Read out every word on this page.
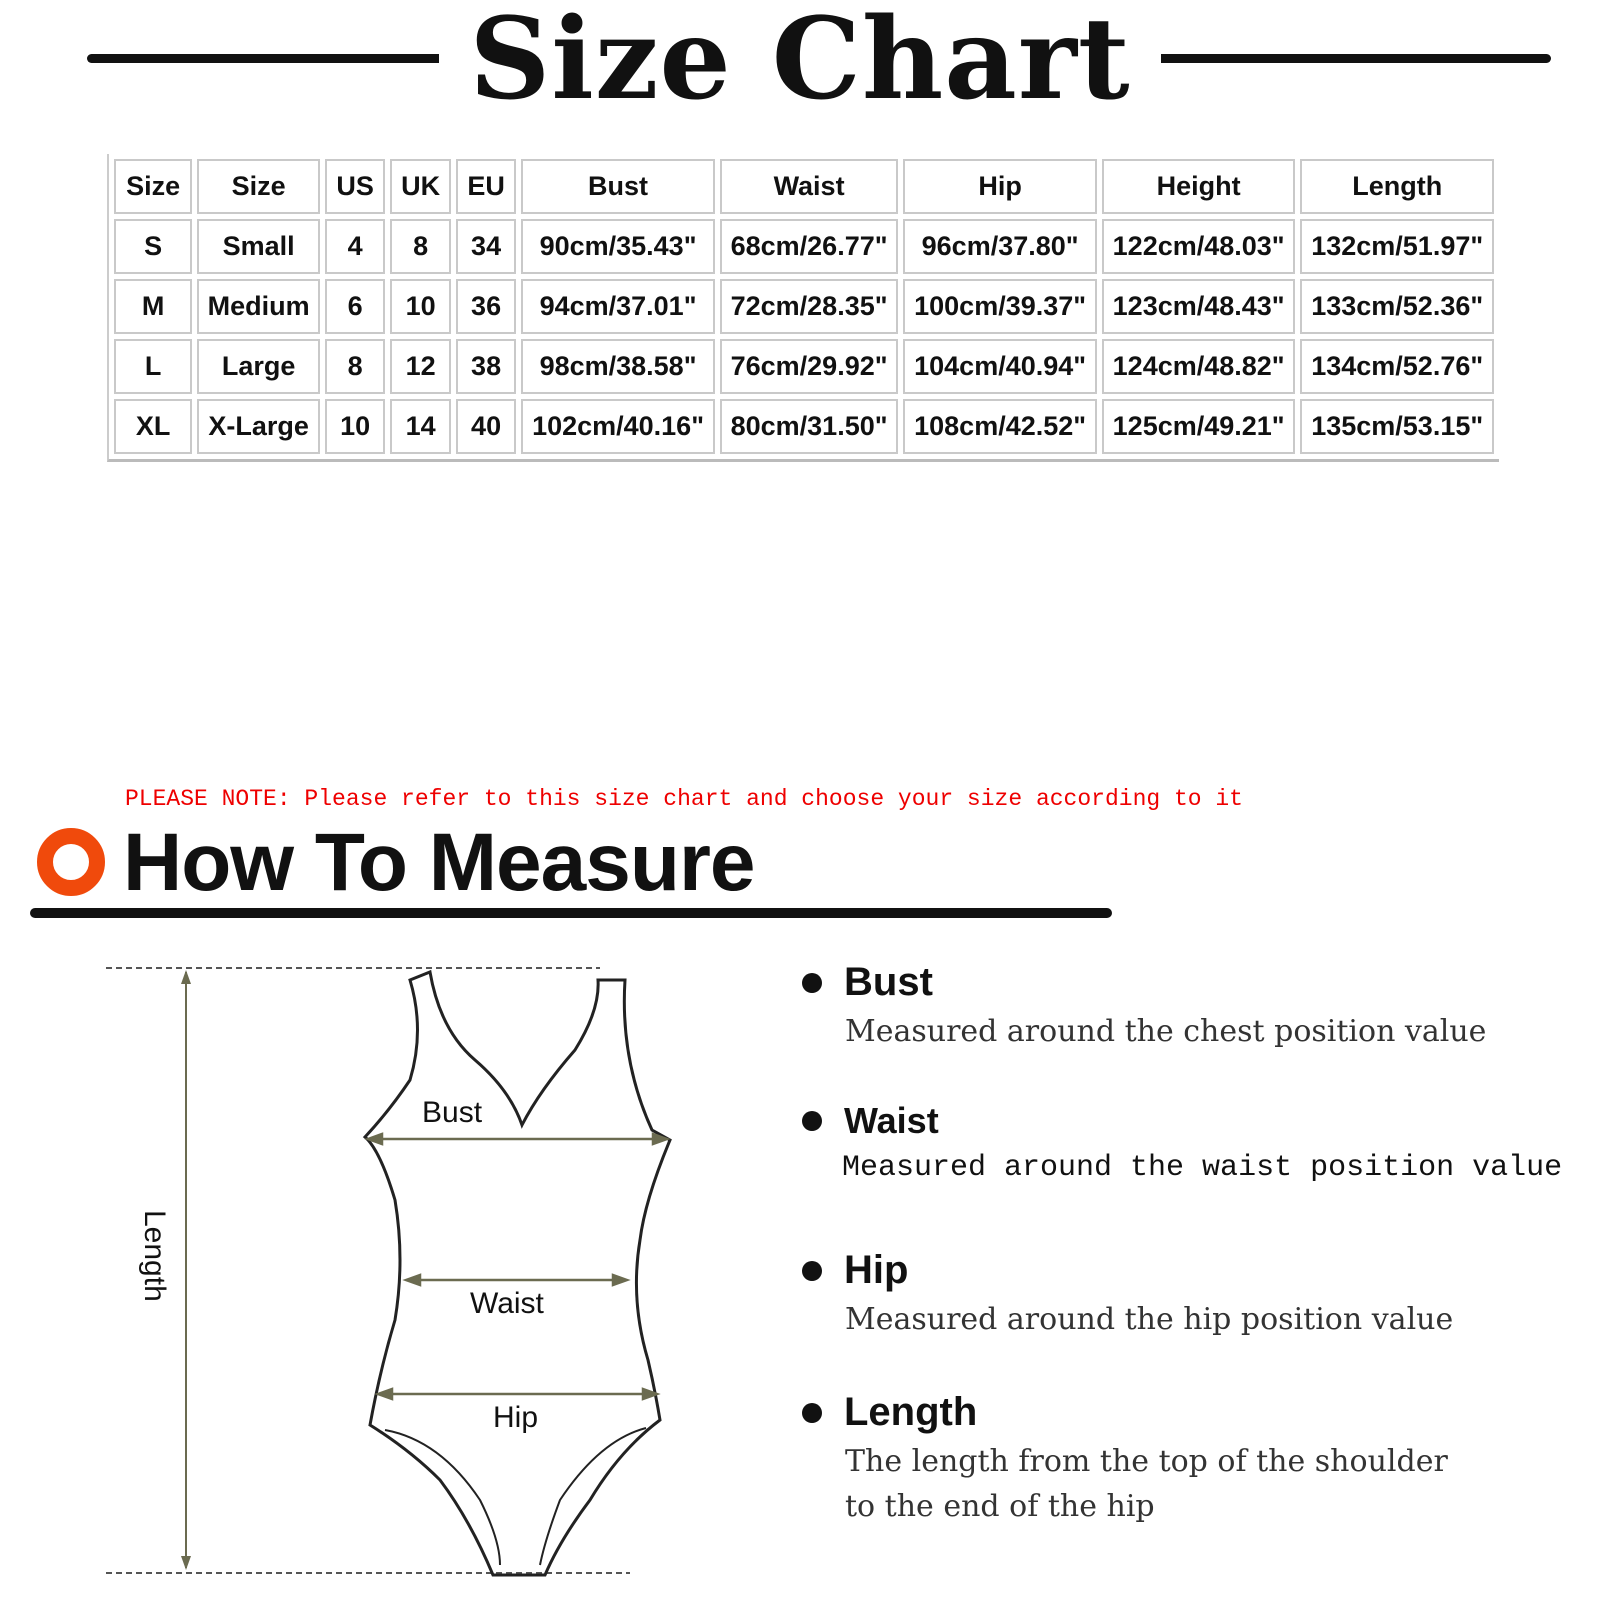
Size Chart
Size	Size	US	UK	EU	Bust	Waist	Hip	Height	Length
S	Small	4	8	34	90cm/35.43"	68cm/26.77"	96cm/37.80"	122cm/48.03"	132cm/51.97"
M	Medium	6	10	36	94cm/37.01"	72cm/28.35"	100cm/39.37"	123cm/48.43"	133cm/52.36"
L	Large	8	12	38	98cm/38.58"	76cm/29.92"	104cm/40.94"	124cm/48.82"	134cm/52.76"
XL	X-Large	10	14	40	102cm/40.16"	80cm/31.50"	108cm/42.52"	125cm/49.21"	135cm/53.15"
PLEASE NOTE: Please refer to this size chart and choose your size according to it
How To Measure
Bust
Waist
Hip
Length
Bust
Measured around the chest position value
Waist
Measured around the waist position value
Hip
Measured around the hip position value
Length
The length from the top of the shoulder to the end of the hip
